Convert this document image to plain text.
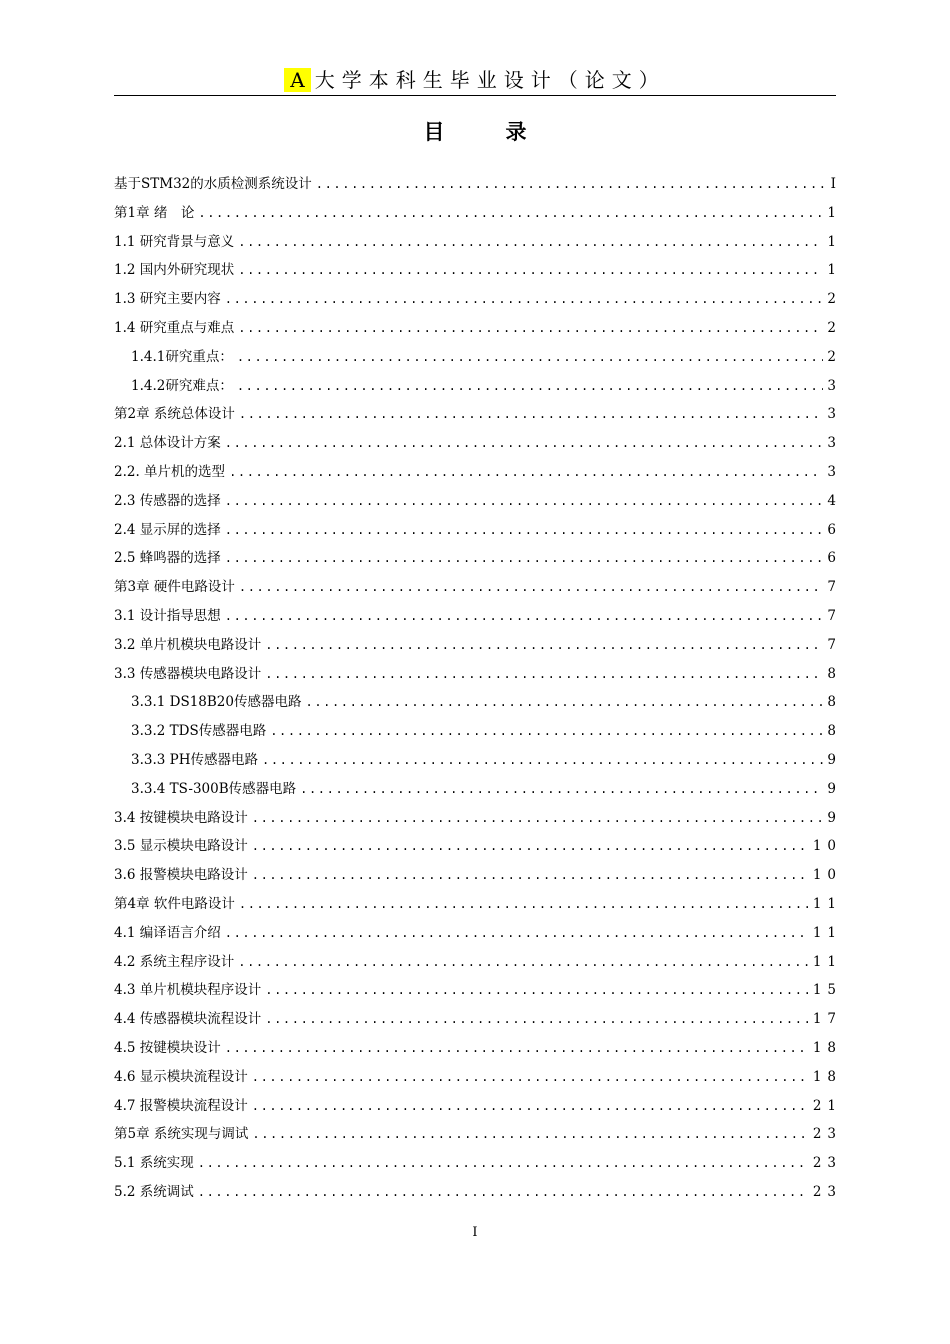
A 大学本科生毕业设计（论文）
目　录
基于STM32的水质检测系统设计 .....	I
第1章 绪　论 .....	1
1.1 研究背景与意义 .....	1
1.2 国内外研究现状 .....	1
1.3 研究主要内容 .....	2
1.4 研究重点与难点 .....	2
1.4.1研究重点： .....	2
1.4.2研究难点： .....	3
第2章 系统总体设计 .....	3
2.1 总体设计方案 .....	3
2.2. 单片机的选型 .....	3
2.3 传感器的选择 .....	4
2.4 显示屏的选择 .....	6
2.5 蜂鸣器的选择 .....	6
第3章 硬件电路设计 .....	7
3.1 设计指导思想 .....	7
3.2 单片机模块电路设计 .....	7
3.3 传感器模块电路设计 .....	8
3.3.1 DS18B20传感器电路 .....	8
3.3.2 TDS传感器电路 .....	8
3.3.3 PH传感器电路 .....	9
3.3.4 TS-300B传感器电路 .....	9
3.4 按键模块电路设计 .....	9
3.5 显示模块电路设计 .....	10
3.6 报警模块电路设计 .....	10
第4章 软件电路设计 .....	11
4.1 编译语言介绍 .....	11
4.2 系统主程序设计 .....	11
4.3 单片机模块程序设计 .....	15
4.4 传感器模块流程设计 .....	17
4.5 按键模块设计 .....	18
4.6 显示模块流程设计 .....	18
4.7 报警模块流程设计 .....	21
第5章 系统实现与调试 .....	23
5.1 系统实现 .....	23
5.2 系统调试 .....	23
I
